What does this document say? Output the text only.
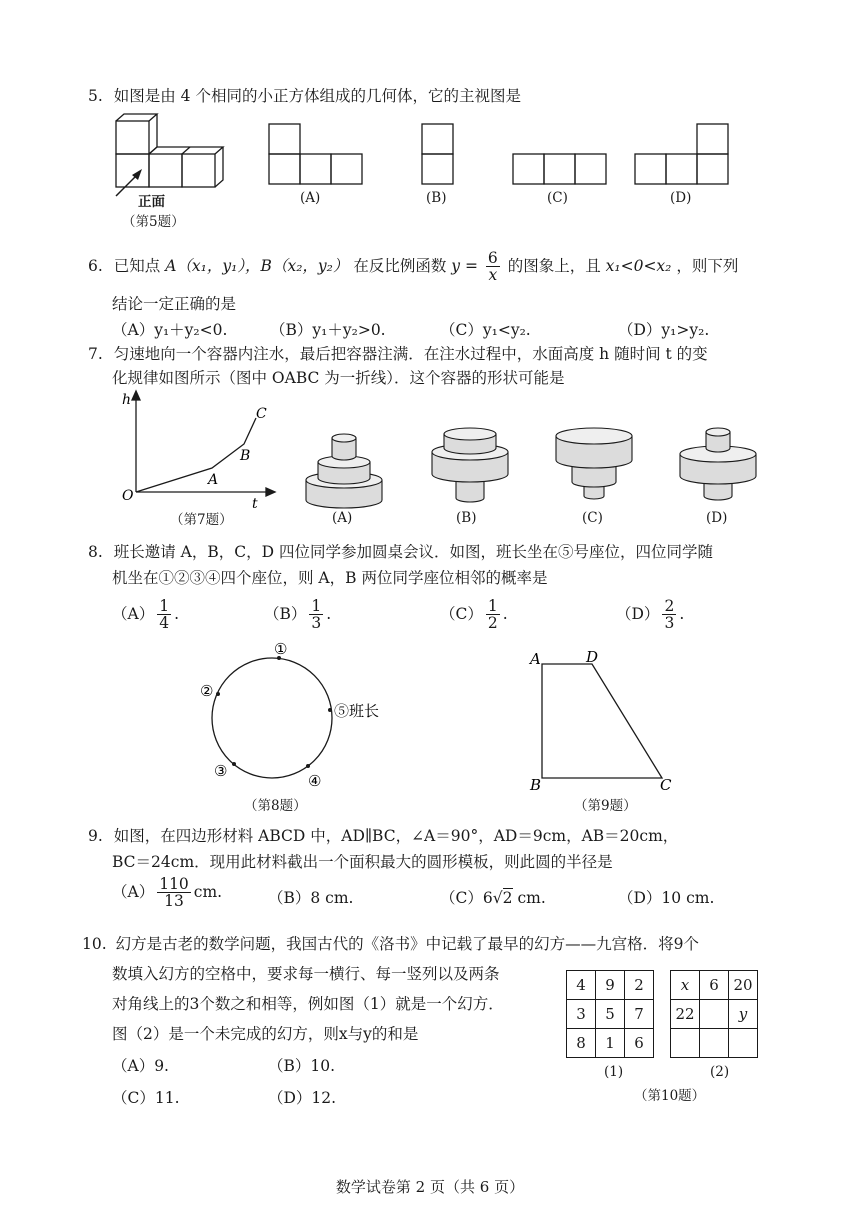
5. 如图是由 4 个相同的小正方体组成的几何体，它的主视图是
正面
（第5题）
(A)	(B)	(C)	(D)
6. 已知点 A（x₁，y₁），B（x₂，y₂） 在反比例函数 $y = \frac{6}{x}$ 的图象上，且 x₁<0<x₂ ，则下列
结论一定正确的是
（A）y₁＋y₂<0.	（B）y₁＋y₂>0.	（C）y₁<y₂.	（D）y₁>y₂.
7. 匀速地向一个容器内注水，最后把容器注满．在注水过程中，水面高度 h 随时间 t 的变
化规律如图所示（图中 OABC 为一折线）．这个容器的形状可能是
h
O	t
A
B
C
（第7题）	(A)	(B)	(C)	(D)
8. 班长邀请 A，B，C，D 四位同学参加圆桌会议．如图，班长坐在⑤号座位，四位同学随
机坐在①②③④四个座位，则 A，B 两位同学座位相邻的概率是
$(A) \frac{1}{4}$ .	$(B) \frac{1}{3}$ .	$(C) \frac{1}{2}$ .	$(D) \frac{2}{3}$ .
①
②
⑤班长
③
④
（第8题）
A	D
B	C
（第9题）
9. 如图，在四边形材料 ABCD 中，AD∥BC，∠A＝90°，AD＝9cm，AB＝20cm，
BC＝24cm．现用此材料截出一个面积最大的圆形模板，则此圆的半径是
$(A) \frac{110}{13}$ cm.	（B）8 cm.	（C）6√2 cm.	（D）10 cm.
10. 幻方是古老的数学问题，我国古代的《洛书》中记载了最早的幻方——九宫格．将9个
数填入幻方的空格中，要求每一横行、每一竖列以及两条
对角线上的3个数之和相等，例如图（1）就是一个幻方．
图（2）是一个未完成的幻方，则x与y的和是
（A）9.	（B）10.
（C）11.	（D）12.
4	9	2
3	5	7
8	1	6
(1)
x	6	20
22		y

(2)
（第10题）
数学试卷第 2 页（共 6 页）
